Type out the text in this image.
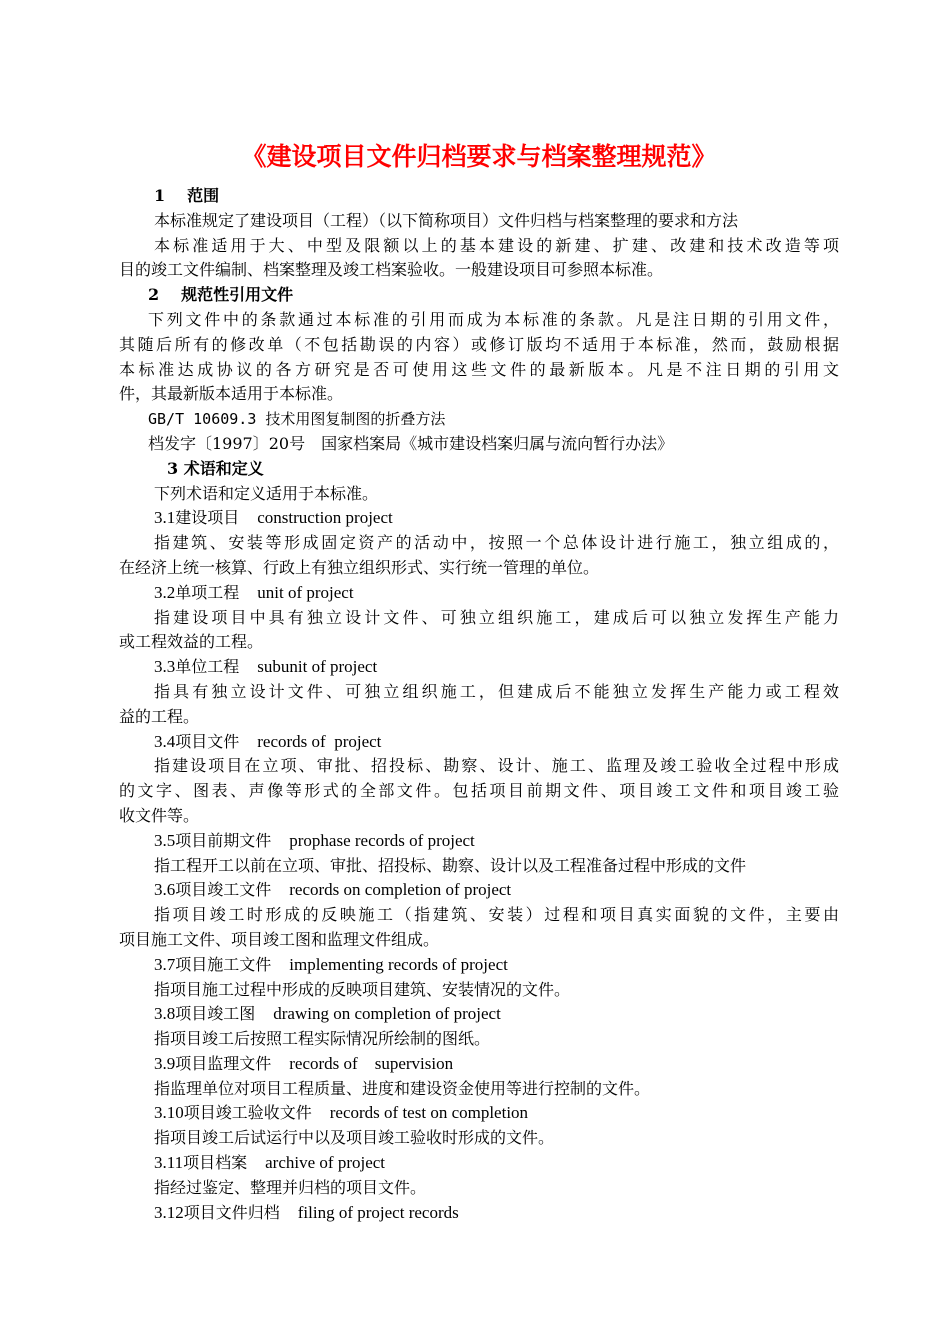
《建设项目文件归档要求与档案整理规范》
1 范围
本标准规定了建设项目（工程）（以下简称项目）文件归档与档案整理的要求和方法
本标准适用于大、中型及限额以上的基本建设的新建、扩建、改建和技术改造等项
目的竣工文件编制、档案整理及竣工档案验收。一般建设项目可参照本标准。
2 规范性引用文件
下列文件中的条款通过本标准的引用而成为本标准的条款。凡是注日期的引用文件，
其随后所有的修改单（不包括勘误的内容）或修订版均不适用于本标准，然而，鼓励根据
本标准达成协议的各方研究是否可使用这些文件的最新版本。凡是不注日期的引用文
件，其最新版本适用于本标准。
GB/T 10609.3 技术用图复制图的折叠方法
档发字〔1997〕20号　国家档案局《城市建设档案归属与流向暂行办法》
3 术语和定义
下列术语和定义适用于本标准。
3.1建设项目 construction project
指建筑、安装等形成固定资产的活动中，按照一个总体设计进行施工，独立组成的，
在经济上统一核算、行政上有独立组织形式、实行统一管理的单位。
3.2单项工程 unit of project
指建设项目中具有独立设计文件、可独立组织施工，建成后可以独立发挥生产能力
或工程效益的工程。
3.3单位工程 subunit of project
指具有独立设计文件、可独立组织施工，但建成后不能独立发挥生产能力或工程效
益的工程。
3.4项目文件 records of  project
指建设项目在立项、审批、招投标、勘察、设计、施工、监理及竣工验收全过程中形成
的文字、图表、声像等形式的全部文件。包括项目前期文件、项目竣工文件和项目竣工验
收文件等。
3.5项目前期文件 prophase records of project
指工程开工以前在立项、审批、招投标、勘察、设计以及工程准备过程中形成的文件
3.6项目竣工文件 records on completion of project
指项目竣工时形成的反映施工（指建筑、安装）过程和项目真实面貌的文件，主要由
项目施工文件、项目竣工图和监理文件组成。
3.7项目施工文件 implementing records of project
指项目施工过程中形成的反映项目建筑、安装情况的文件。
3.8项目竣工图 drawing on completion of project
指项目竣工后按照工程实际情况所绘制的图纸。
3.9项目监理文件 records of    supervision
指监理单位对项目工程质量、进度和建设资金使用等进行控制的文件。
3.10项目竣工验收文件 records of test on completion
指项目竣工后试运行中以及项目竣工验收时形成的文件。
3.11项目档案 archive of project
指经过鉴定、整理并归档的项目文件。
3.12项目文件归档 filing of project records
